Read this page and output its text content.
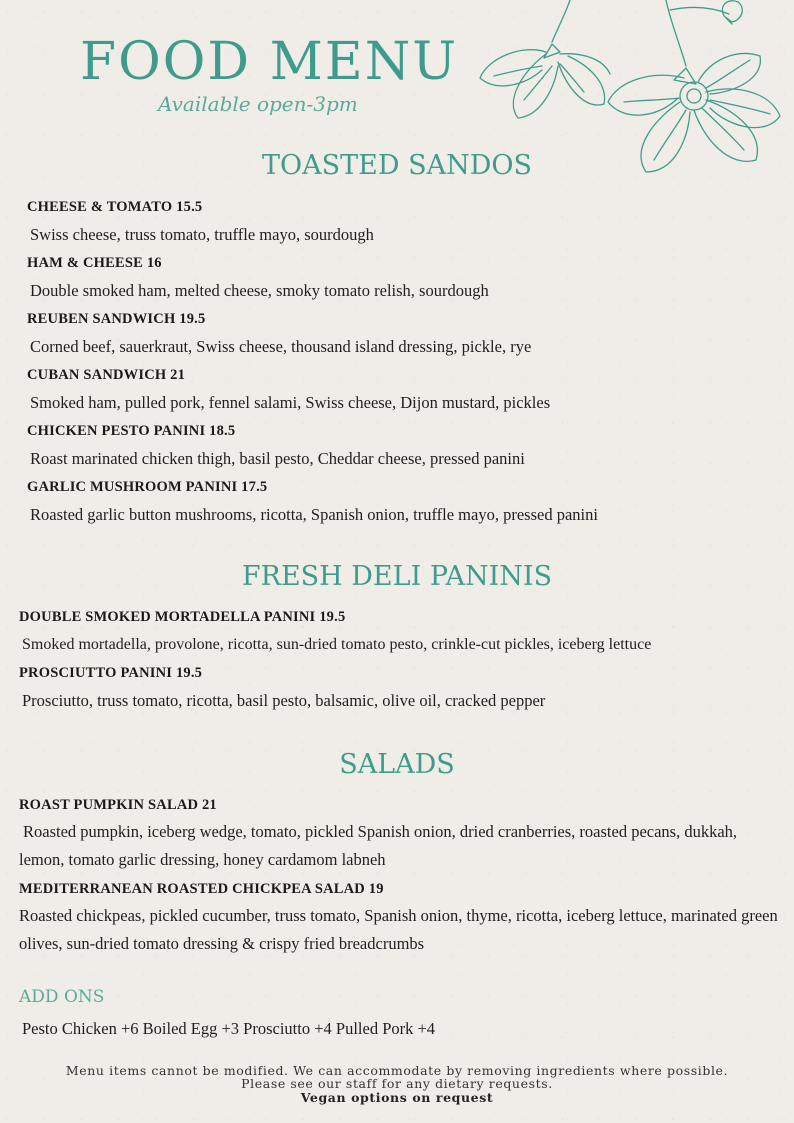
FOOD MENU
Available open-3pm
TOASTED SANDOS
CHEESE & TOMATO 15.5
Swiss cheese, truss tomato, truffle mayo, sourdough
HAM & CHEESE 16
Double smoked ham, melted cheese, smoky tomato relish, sourdough
REUBEN SANDWICH 19.5
Corned beef, sauerkraut, Swiss cheese, thousand island dressing, pickle, rye
CUBAN SANDWICH 21
Smoked ham, pulled pork, fennel salami, Swiss cheese, Dijon mustard, pickles
CHICKEN PESTO PANINI 18.5
Roast marinated chicken thigh, basil pesto, Cheddar cheese, pressed panini
GARLIC MUSHROOM PANINI 17.5
Roasted garlic button mushrooms, ricotta, Spanish onion, truffle mayo, pressed panini
FRESH DELI PANINIS
DOUBLE SMOKED MORTADELLA PANINI 19.5
Smoked mortadella, provolone, ricotta, sun-dried tomato pesto, crinkle-cut pickles, iceberg lettuce
PROSCIUTTO PANINI 19.5
Prosciutto, truss tomato, ricotta, basil pesto, balsamic, olive oil, cracked pepper
SALADS
ROAST PUMPKIN SALAD 21
Roasted pumpkin, iceberg wedge, tomato, pickled Spanish onion, dried cranberries, roasted pecans, dukkah, lemon, tomato garlic dressing, honey cardamom labneh
MEDITERRANEAN ROASTED CHICKPEA SALAD 19
Roasted chickpeas, pickled cucumber, truss tomato, Spanish onion, thyme, ricotta, iceberg lettuce, marinated green olives, sun-dried tomato dressing & crispy fried breadcrumbs
ADD ONS
Pesto Chicken +6 Boiled Egg +3 Prosciutto +4 Pulled Pork +4
Menu items cannot be modified. We can accommodate by removing ingredients where possible.
Please see our staff for any dietary requests.
Vegan options on request
